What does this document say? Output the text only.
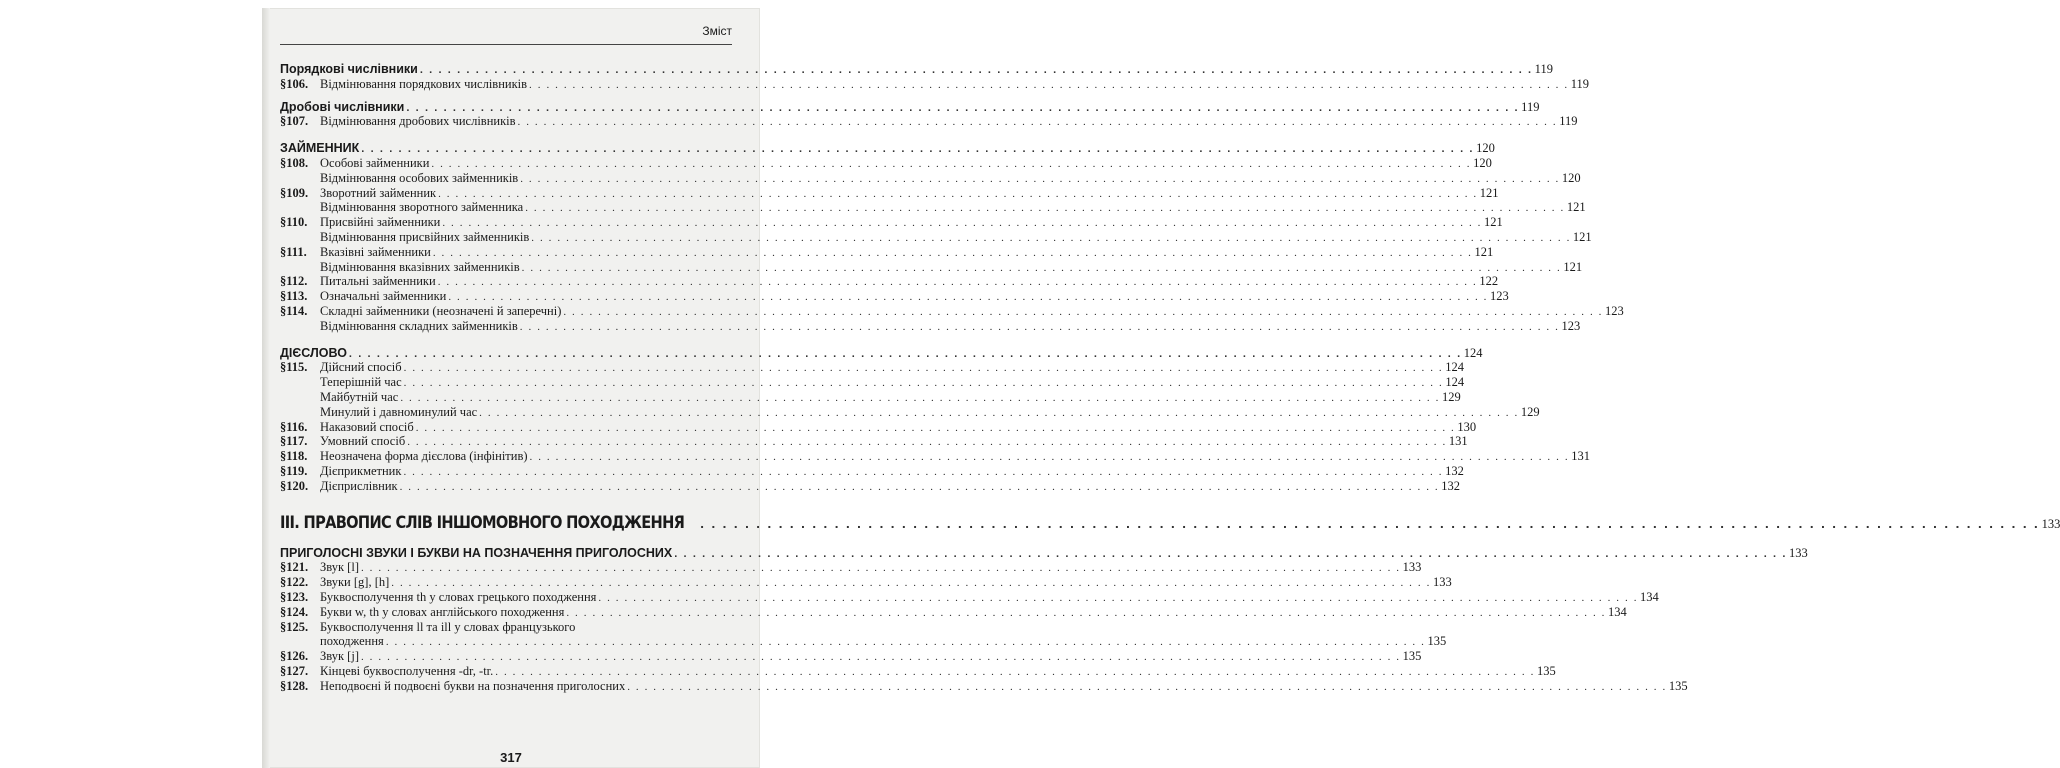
Зміст
Порядкові числівники . . . . . . . . . . . . . . . . . . . . . . . . . . . . . . . . . . . . . . . . . . . . . . . . . . . . . . . . . . . . . . . . . . . . . . . . . . . . . . . . . . . . . . . . . . . . . . . . . . . . . . . . . . . . . . . . . . . . . . . . 119
§106. Відмінювання порядкових числівників . . . . . . . . . . . . . . . . . . . . . . . . . . . . . . . . . . . . . . . . . . . . . . . . . . . . . . . . . . . . . . . . . . . . . . . . . . . . . . . . . . . . . . . . . . . . . . . . . . . . . . . . . . . . . . . . . . . . . . . . 119
Дробові числівники . . . . . . . . . . . . . . . . . . . . . . . . . . . . . . . . . . . . . . . . . . . . . . . . . . . . . . . . . . . . . . . . . . . . . . . . . . . . . . . . . . . . . . . . . . . . . . . . . . . . . . . . . . . . . . . . . . . . . . . . 119
§107. Відмінювання дробових числівників . . . . . . . . . . . . . . . . . . . . . . . . . . . . . . . . . . . . . . . . . . . . . . . . . . . . . . . . . . . . . . . . . . . . . . . . . . . . . . . . . . . . . . . . . . . . . . . . . . . . . . . . . . . . . . . . . . . . . . . . 119
ЗАЙМЕННИК . . . . . . . . . . . . . . . . . . . . . . . . . . . . . . . . . . . . . . . . . . . . . . . . . . . . . . . . . . . . . . . . . . . . . . . . . . . . . . . . . . . . . . . . . . . . . . . . . . . . . . . . . . . . . . . . . . . . . . . . 120
§108. Особові займенники . . . . . . . . . . . . . . . . . . . . . . . . . . . . . . . . . . . . . . . . . . . . . . . . . . . . . . . . . . . . . . . . . . . . . . . . . . . . . . . . . . . . . . . . . . . . . . . . . . . . . . . . . . . . . . . . . . . . . . . . 120
Відмінювання особових займенників . . . . . . . . . . . . . . . . . . . . . . . . . . . . . . . . . . . . . . . . . . . . . . . . . . . . . . . . . . . . . . . . . . . . . . . . . . . . . . . . . . . . . . . . . . . . . . . . . . . . . . . . . . . . . . . . . . . . . . . . 120
§109. Зворотний займенник . . . . . . . . . . . . . . . . . . . . . . . . . . . . . . . . . . . . . . . . . . . . . . . . . . . . . . . . . . . . . . . . . . . . . . . . . . . . . . . . . . . . . . . . . . . . . . . . . . . . . . . . . . . . . . . . . . . . . . . . 121
Відмінювання зворотного займенника . . . . . . . . . . . . . . . . . . . . . . . . . . . . . . . . . . . . . . . . . . . . . . . . . . . . . . . . . . . . . . . . . . . . . . . . . . . . . . . . . . . . . . . . . . . . . . . . . . . . . . . . . . . . . . . . . . . . . . . . 121
§110.	Присвійні займенники . . . . . . . . . . . . . . . . . . . . . . . . . . . . . . . . . . . . . . . . . . . . . . . . . . . . . . . . . . . . . . . . . . . . . . . . . . . . . . . . . . . . . . . . . . . . . . . . . . . . . . . . . . . . . . . . . . . . . . . . 121
Відмінювання присвійних займенників . . . . . . . . . . . . . . . . . . . . . . . . . . . . . . . . . . . . . . . . . . . . . . . . . . . . . . . . . . . . . . . . . . . . . . . . . . . . . . . . . . . . . . . . . . . . . . . . . . . . . . . . . . . . . . . . . . . . . . . . 121
§111.	Вказівні займенники . . . . . . . . . . . . . . . . . . . . . . . . . . . . . . . . . . . . . . . . . . . . . . . . . . . . . . . . . . . . . . . . . . . . . . . . . . . . . . . . . . . . . . . . . . . . . . . . . . . . . . . . . . . . . . . . . . . . . . . . 121
Відмінювання вказівних займенників . . . . . . . . . . . . . . . . . . . . . . . . . . . . . . . . . . . . . . . . . . . . . . . . . . . . . . . . . . . . . . . . . . . . . . . . . . . . . . . . . . . . . . . . . . . . . . . . . . . . . . . . . . . . . . . . . . . . . . . . 121
§112.	Питальні займенники . . . . . . . . . . . . . . . . . . . . . . . . . . . . . . . . . . . . . . . . . . . . . . . . . . . . . . . . . . . . . . . . . . . . . . . . . . . . . . . . . . . . . . . . . . . . . . . . . . . . . . . . . . . . . . . . . . . . . . . . 122
§113.	Означальні займенники . . . . . . . . . . . . . . . . . . . . . . . . . . . . . . . . . . . . . . . . . . . . . . . . . . . . . . . . . . . . . . . . . . . . . . . . . . . . . . . . . . . . . . . . . . . . . . . . . . . . . . . . . . . . . . . . . . . . . . . . 123
§114.	Складні займенники (неозначені й заперечні) . . . . . . . . . . . . . . . . . . . . . . . . . . . . . . . . . . . . . . . . . . . . . . . . . . . . . . . . . . . . . . . . . . . . . . . . . . . . . . . . . . . . . . . . . . . . . . . . . . . . . . . . . . . . . . . . . . . . . . . . 123
Відмінювання складних займенників . . . . . . . . . . . . . . . . . . . . . . . . . . . . . . . . . . . . . . . . . . . . . . . . . . . . . . . . . . . . . . . . . . . . . . . . . . . . . . . . . . . . . . . . . . . . . . . . . . . . . . . . . . . . . . . . . . . . . . . . 123
ДІЄСЛОВО . . . . . . . . . . . . . . . . . . . . . . . . . . . . . . . . . . . . . . . . . . . . . . . . . . . . . . . . . . . . . . . . . . . . . . . . . . . . . . . . . . . . . . . . . . . . . . . . . . . . . . . . . . . . . . . . . . . . . . . . 124
§115.	Дійсний спосіб . . . . . . . . . . . . . . . . . . . . . . . . . . . . . . . . . . . . . . . . . . . . . . . . . . . . . . . . . . . . . . . . . . . . . . . . . . . . . . . . . . . . . . . . . . . . . . . . . . . . . . . . . . . . . . . . . . . . . . . . 124
Теперішній час . . . . . . . . . . . . . . . . . . . . . . . . . . . . . . . . . . . . . . . . . . . . . . . . . . . . . . . . . . . . . . . . . . . . . . . . . . . . . . . . . . . . . . . . . . . . . . . . . . . . . . . . . . . . . . . . . . . . . . . . 124
Майбутній час . . . . . . . . . . . . . . . . . . . . . . . . . . . . . . . . . . . . . . . . . . . . . . . . . . . . . . . . . . . . . . . . . . . . . . . . . . . . . . . . . . . . . . . . . . . . . . . . . . . . . . . . . . . . . . . . . . . . . . . . 129
Минулий і давноминулий час . . . . . . . . . . . . . . . . . . . . . . . . . . . . . . . . . . . . . . . . . . . . . . . . . . . . . . . . . . . . . . . . . . . . . . . . . . . . . . . . . . . . . . . . . . . . . . . . . . . . . . . . . . . . . . . . . . . . . . . . 129
§116.	Наказовий спосіб . . . . . . . . . . . . . . . . . . . . . . . . . . . . . . . . . . . . . . . . . . . . . . . . . . . . . . . . . . . . . . . . . . . . . . . . . . . . . . . . . . . . . . . . . . . . . . . . . . . . . . . . . . . . . . . . . . . . . . . . 130
§117.	Умовний спосіб . . . . . . . . . . . . . . . . . . . . . . . . . . . . . . . . . . . . . . . . . . . . . . . . . . . . . . . . . . . . . . . . . . . . . . . . . . . . . . . . . . . . . . . . . . . . . . . . . . . . . . . . . . . . . . . . . . . . . . . . 131
§118.	Неозначена форма дієслова (інфінітив) . . . . . . . . . . . . . . . . . . . . . . . . . . . . . . . . . . . . . . . . . . . . . . . . . . . . . . . . . . . . . . . . . . . . . . . . . . . . . . . . . . . . . . . . . . . . . . . . . . . . . . . . . . . . . . . . . . . . . . . . 131
§119.	Дієприкметник . . . . . . . . . . . . . . . . . . . . . . . . . . . . . . . . . . . . . . . . . . . . . . . . . . . . . . . . . . . . . . . . . . . . . . . . . . . . . . . . . . . . . . . . . . . . . . . . . . . . . . . . . . . . . . . . . . . . . . . . 132
§120. Дієприслівник . . . . . . . . . . . . . . . . . . . . . . . . . . . . . . . . . . . . . . . . . . . . . . . . . . . . . . . . . . . . . . . . . . . . . . . . . . . . . . . . . . . . . . . . . . . . . . . . . . . . . . . . . . . . . . . . . . . . . . . . 132
III. ПРАВОПИС СЛІВ ІНШОМОВНОГО ПОХОДЖЕННЯ . . . . . . . . . . . . . . . . . . . . . . . . . . . . . . . . . . . . . . . . . . . . . . . . . . . . . . . . . . . . . . . . . . . . . . . . . . . . . . . . . . . . . . . . . . . . . . . . . . . . . . . . . . . . . . . . . . . . . . . . 133
ПРИГОЛОСНІ ЗВУКИ І БУКВИ НА ПОЗНАЧЕННЯ ПРИГОЛОСНИХ . . . . . . . . . . . . . . . . . . . . . . . . . . . . . . . . . . . . . . . . . . . . . . . . . . . . . . . . . . . . . . . . . . . . . . . . . . . . . . . . . . . . . . . . . . . . . . . . . . . . . . . . . . . . . . . . . . . . . . . . 133
§121. Звук [l] . . . . . . . . . . . . . . . . . . . . . . . . . . . . . . . . . . . . . . . . . . . . . . . . . . . . . . . . . . . . . . . . . . . . . . . . . . . . . . . . . . . . . . . . . . . . . . . . . . . . . . . . . . . . . . . . . . . . . . . . 133
§122. Звуки [g], [h] . . . . . . . . . . . . . . . . . . . . . . . . . . . . . . . . . . . . . . . . . . . . . . . . . . . . . . . . . . . . . . . . . . . . . . . . . . . . . . . . . . . . . . . . . . . . . . . . . . . . . . . . . . . . . . . . . . . . . . . . 133
§123. Буквосполучення th у словах грецького походження . . . . . . . . . . . . . . . . . . . . . . . . . . . . . . . . . . . . . . . . . . . . . . . . . . . . . . . . . . . . . . . . . . . . . . . . . . . . . . . . . . . . . . . . . . . . . . . . . . . . . . . . . . . . . . . . . . . . . . . . 134
§124. Букви w, th у словах англійського походження . . . . . . . . . . . . . . . . . . . . . . . . . . . . . . . . . . . . . . . . . . . . . . . . . . . . . . . . . . . . . . . . . . . . . . . . . . . . . . . . . . . . . . . . . . . . . . . . . . . . . . . . . . . . . . . . . . . . . . . . 134
§125. Буквосполучення ll та ill у словах французького
походження . . . . . . . . . . . . . . . . . . . . . . . . . . . . . . . . . . . . . . . . . . . . . . . . . . . . . . . . . . . . . . . . . . . . . . . . . . . . . . . . . . . . . . . . . . . . . . . . . . . . . . . . . . . . . . . . . . . . . . . . 135
§126. Звук [j] . . . . . . . . . . . . . . . . . . . . . . . . . . . . . . . . . . . . . . . . . . . . . . . . . . . . . . . . . . . . . . . . . . . . . . . . . . . . . . . . . . . . . . . . . . . . . . . . . . . . . . . . . . . . . . . . . . . . . . . . 135
§127. Кінцеві буквосполучення -dr, -tr. . . . . . . . . . . . . . . . . . . . . . . . . . . . . . . . . . . . . . . . . . . . . . . . . . . . . . . . . . . . . . . . . . . . . . . . . . . . . . . . . . . . . . . . . . . . . . . . . . . . . . . . . . . . . . . . . . . . . . . . . 135
§128. Неподвоєні й подвоєні букви на позначення приголосних . . . . . . . . . . . . . . . . . . . . . . . . . . . . . . . . . . . . . . . . . . . . . . . . . . . . . . . . . . . . . . . . . . . . . . . . . . . . . . . . . . . . . . . . . . . . . . . . . . . . . . . . . . . . . . . . . . . . . . . . 135
317
